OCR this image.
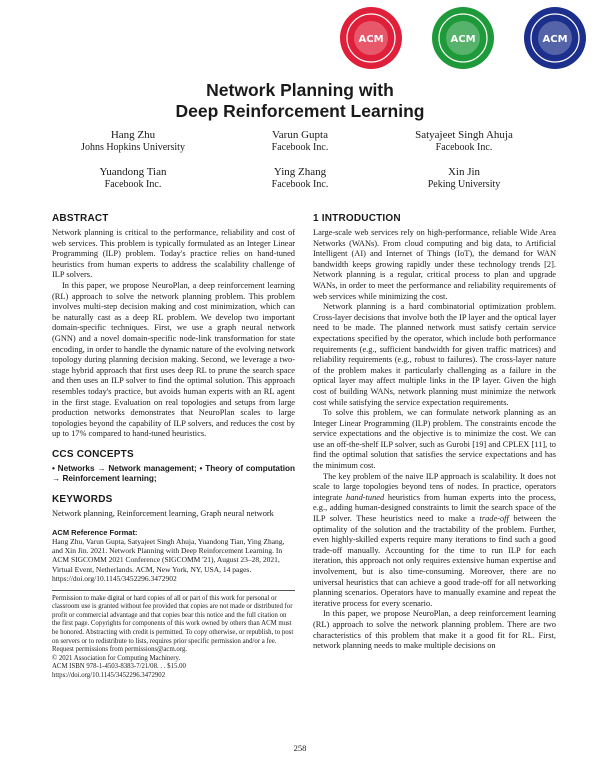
ACM	ACM	ACM
Network Planning with
Deep Reinforcement Learning
Hang Zhu
Johns Hopkins University
Varun Gupta
Facebook Inc.
Satyajeet Singh Ahuja
Facebook Inc.
Yuandong Tian
Facebook Inc.
Ying Zhang
Facebook Inc.
Xin Jin
Peking University
ABSTRACT

Network planning is critical to the performance, reliability and cost of web services. This problem is typically formulated as an Integer Linear Programming (ILP) problem. Today's practice relies on hand-tuned heuristics from human experts to address the scalability challenge of ILP solvers.

In this paper, we propose NeuroPlan, a deep reinforcement learning (RL) approach to solve the network planning problem. This problem involves multi-step decision making and cost minimization, which can be naturally cast as a deep RL problem. We develop two important domain-specific techniques. First, we use a graph neural network (GNN) and a novel domain-specific node-link transformation for state encoding, in order to handle the dynamic nature of the evolving network topology during planning decision making. Second, we leverage a two-stage hybrid approach that first uses deep RL to prune the search space and then uses an ILP solver to find the optimal solution. This approach resembles today's practice, but avoids human experts with an RL agent in the first stage. Evaluation on real topologies and setups from large production networks demonstrates that NeuroPlan scales to large topologies beyond the capability of ILP solvers, and reduces the cost by up to 17% compared to hand-tuned heuristics.

CCS CONCEPTS

• Networks → Network management; • Theory of computation → Reinforcement learning;

KEYWORDS

Network planning, Reinforcement learning, Graph neural network

ACM Reference Format:

Hang Zhu, Varun Gupta, Satyajeet Singh Ahuja, Yuandong Tian, Ying Zhang, and Xin Jin. 2021. Network Planning with Deep Reinforcement Learning. In ACM SIGCOMM 2021 Conference (SIGCOMM '21), August 23–28, 2021, Virtual Event, Netherlands. ACM, New York, NY, USA, 14 pages. https://doi.org/10.1145/3452296.3472902

Permission to make digital or hard copies of all or part of this work for personal or classroom use is granted without fee provided that copies are not made or distributed for profit or commercial advantage and that copies bear this notice and the full citation on the first page. Copyrights for components of this work owned by others than ACM must be honored. Abstracting with credit is permitted. To copy otherwise, or republish, to post on servers or to redistribute to lists, requires prior specific permission and/or a fee. Request permissions from permissions@acm.org.

© 2021 Association for Computing Machinery.

ACM ISBN 978-1-4503-8383-7/21/08. . . $15.00

https://doi.org/10.1145/3452296.3472902

1 INTRODUCTION

Large-scale web services rely on high-performance, reliable Wide Area Networks (WANs). From cloud computing and big data, to Artificial Intelligent (AI) and Internet of Things (IoT), the demand for WAN bandwidth keeps growing rapidly under these technology trends [2]. Network planning is a regular, critical process to plan and upgrade WANs, in order to meet the performance and reliability requirements of web services while minimizing the cost.

Network planning is a hard combinatorial optimization problem. Cross-layer decisions that involve both the IP layer and the optical layer need to be made. The planned network must satisfy certain service expectations specified by the operator, which include both performance requirements (e.g., sufficient bandwidth for given traffic matrices) and reliability requirements (e.g., robust to failures). The cross-layer nature of the problem makes it particularly challenging as a failure in the optical layer may affect multiple links in the IP layer. Given the high cost of building WANs, network planning must minimize the network cost while satisfying the service expectation requirements.

To solve this problem, we can formulate network planning as an Integer Linear Programming (ILP) problem. The constraints encode the service expectations and the objective is to minimize the cost. We can use an off-the-shelf ILP solver, such as Gurobi [19] and CPLEX [11], to find the optimal solution that satisfies the service expectations and has the minimum cost.

The key problem of the naive ILP approach is scalability. It does not scale to large topologies beyond tens of nodes. In practice, operators integrate hand-tuned heuristics from human experts into the process, e.g., adding human-designed constraints to limit the search space of the ILP solver. These heuristics need to make a trade-off between the optimality of the solution and the tractability of the problem. Further, even highly-skilled experts require many iterations to find such a good trade-off manually. Accounting for the time to run ILP for each iteration, this approach not only requires extensive human expertise and involvement, but is also time-consuming. Moreover, there are no universal heuristics that can achieve a good trade-off for all networking planning scenarios. Operators have to manually examine and repeat the iterative process for every scenario.

In this paper, we propose NeuroPlan, a deep reinforcement learning (RL) approach to solve the network planning problem. There are two characteristics of this problem that make it a good fit for RL. First, network planning needs to make multiple decisions on

258
